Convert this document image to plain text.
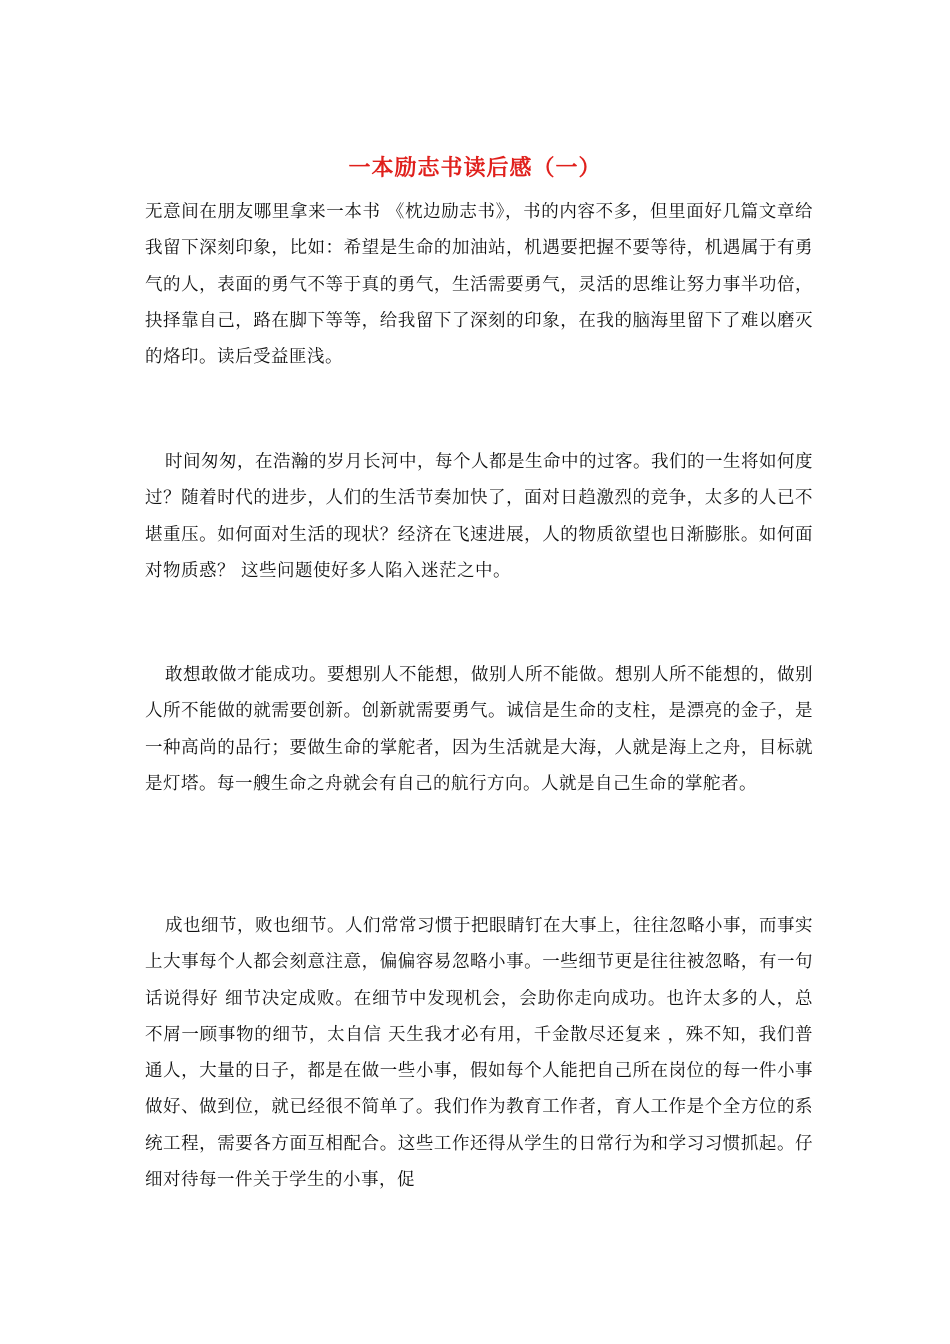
一本励志书读后感（一）
无意间在朋友哪里拿来一本书 《枕边励志书》，书的内容不多，但里面好几篇文章给我留下深刻印象，比如：希望是生命的加油站，机遇要把握不要等待，机遇属于有勇气的人，表面的勇气不等于真的勇气，生活需要勇气，灵活的思维让努力事半功倍，抉择靠自己，路在脚下等等，给我留下了深刻的印象，在我的脑海里留下了难以磨灭的烙印。读后受益匪浅。
时间匆匆，在浩瀚的岁月长河中，每个人都是生命中的过客。我们的一生将如何度过？随着时代的进步，人们的生活节奏加快了，面对日趋激烈的竞争，太多的人已不堪重压。如何面对生活的现状？经济在飞速进展，人的物质欲望也日渐膨胀。如何面对物质惑？ 这些问题使好多人陷入迷茫之中。
敢想敢做才能成功。要想别人不能想，做别人所不能做。想别人所不能想的，做别人所不能做的就需要创新。创新就需要勇气。诚信是生命的支柱，是漂亮的金子，是一种高尚的品行；要做生命的掌舵者，因为生活就是大海，人就是海上之舟，目标就是灯塔。每一艘生命之舟就会有自己的航行方向。人就是自己生命的掌舵者。
成也细节，败也细节。人们常常习惯于把眼睛钉在大事上，往往忽略小事，而事实上大事每个人都会刻意注意，偏偏容易忽略小事。一些细节更是往往被忽略，有一句话说得好 细节决定成败。在细节中发现机会，会助你走向成功。也许太多的人，总不屑一顾事物的细节，太自信 天生我才必有用，千金散尽还复来 ，殊不知，我们普通人，大量的日子，都是在做一些小事，假如每个人能把自己所在岗位的每一件小事做好、做到位，就已经很不简单了。我们作为教育工作者，育人工作是个全方位的系统工程，需要各方面互相配合。这些工作还得从学生的日常行为和学习习惯抓起。仔细对待每一件关于学生的小事，促
